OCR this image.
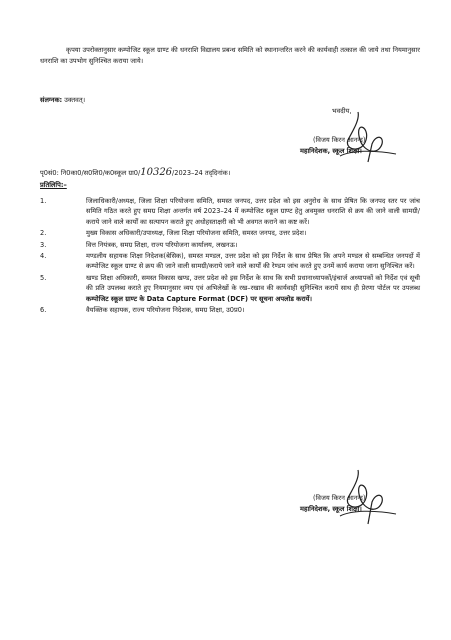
कृपया उपरोक्तानुसार कम्पोजिट स्कूल ग्राण्ट की धनराशि विद्यालय प्रबन्ध समिति को स्थानान्तरित करने की कार्यवाही तत्काल की जाये तथा नियमानुसार धनराशि का उपभोग सुनिश्चित कराया जाये।
संलग्नक: उक्तवत्।
भवदीय,
(विजय किरन आनन्द)
महानिदेशक, स्कूल शिक्षा।
पृ0सं0: नि0का0/स0शि0/क0स्कूल ग्रा0/10326/2023–24 तद्‌दिनांक।
प्रतिलिपि:–
1.	जिलाधिकारी/अध्यक्ष, जिला शिक्षा परियोजना समिति, समस्त जनपद, उत्तर प्रदेश को इस अनुरोध के साथ प्रेषित कि जनपद स्तर पर जांच समिति गठित करते हुए समग्र शिक्षा अन्तर्गत वर्ष 2023–24 में कम्पोजिट स्कूल ग्राण्ट हेतु अवमुक्त धनराशि से क्रय की जाने वाली सामग्री/कराये जाने वाले कार्यों का सत्यापन कराते हुए अधोहस्ताक्षरी को भी अवगत कराने का कष्ट करें।
2.	मुख्य विकास अधिकारी/उपाध्यक्ष, जिला शिक्षा परियोजना समिति, समस्त जनपद, उत्तर प्रदेश।
3.	वित्त नियंत्रक, समग्र शिक्षा, राज्य परियोजना कार्यालय, लखनऊ।
4.	मण्डलीय सहायक शिक्षा निदेशक(बेसिक), समस्त मण्डल, उत्तर प्रदेश को इस निर्देश के साथ प्रेषित कि अपने मण्डल से सम्बन्धित जनपदों में कम्पोजिट स्कूल ग्राण्ट से क्रय की जाने वाली सामग्री/कराये जाने वाले कार्यों की रेण्डम जांच करते हुए उनमें कार्य कराया जाना सुनिश्चित करें।
5.	खण्ड शिक्षा अधिकारी, समस्त विकास खण्ड, उत्तर प्रदेश को इस निर्देश के साथ कि सभी प्रधानाध्यापकों/इंचार्ज अध्यापकों को निर्देश एवं सूची की प्रति उपलब्ध कराते हुए नियमानुसार व्यय एवं अभिलेखों के रख–रखाव की कार्यवाही सुनिश्चित करायें साथ ही प्रेरणा पोर्टल पर उपलब्ध कम्पोजिट स्कूल ग्राण्ट के Data Capture Format (DCF) पर सूचना अपलोड करायें।
6.	वैयक्तिक सहायक, राज्य परियोजना निदेशक, समग्र शिक्षा, उ0प्र0।
(विजय किरन आनन्द)
महानिदेशक, स्कूल शिक्षा।
